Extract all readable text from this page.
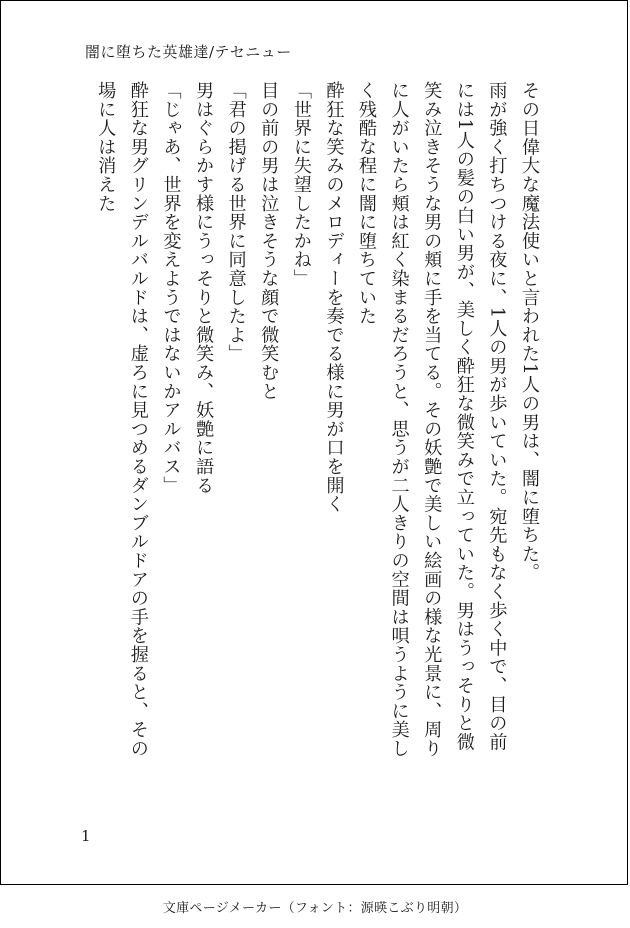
闇に堕ちた英雄達/テセニュー
その日偉大な魔法使いと言われた1人の男は、闇に堕ちた。
雨が強く打ちつける夜に、1人の男が歩いていた。宛先もなく歩く中で、目の前
には1人の髪の白い男が、美しく酔狂な微笑みで立っていた。男はうっそりと微
笑み泣きそうな男の頬に手を当てる。その妖艶で美しい絵画の様な光景に、周り
に人がいたら頬は紅く染まるだろうと、思うが二人きりの空間は唄うように美し
く残酷な程に闇に堕ちていた
酔狂な笑みのメロディーを奏でる様に男が口を開く
「世界に失望したかね」
目の前の男は泣きそうな顔で微笑むと
「君の掲げる世界に同意したよ」
男はぐらかす様にうっそりと微笑み、妖艶に語る
「じゃあ、世界を変えようではないかアルバス」
酔狂な男グリンデルバルドは、虚ろに見つめるダンブルドアの手を握ると、その
場に人は消えた
1
文庫ページメーカー（フォント：源暎こぶり明朝）
